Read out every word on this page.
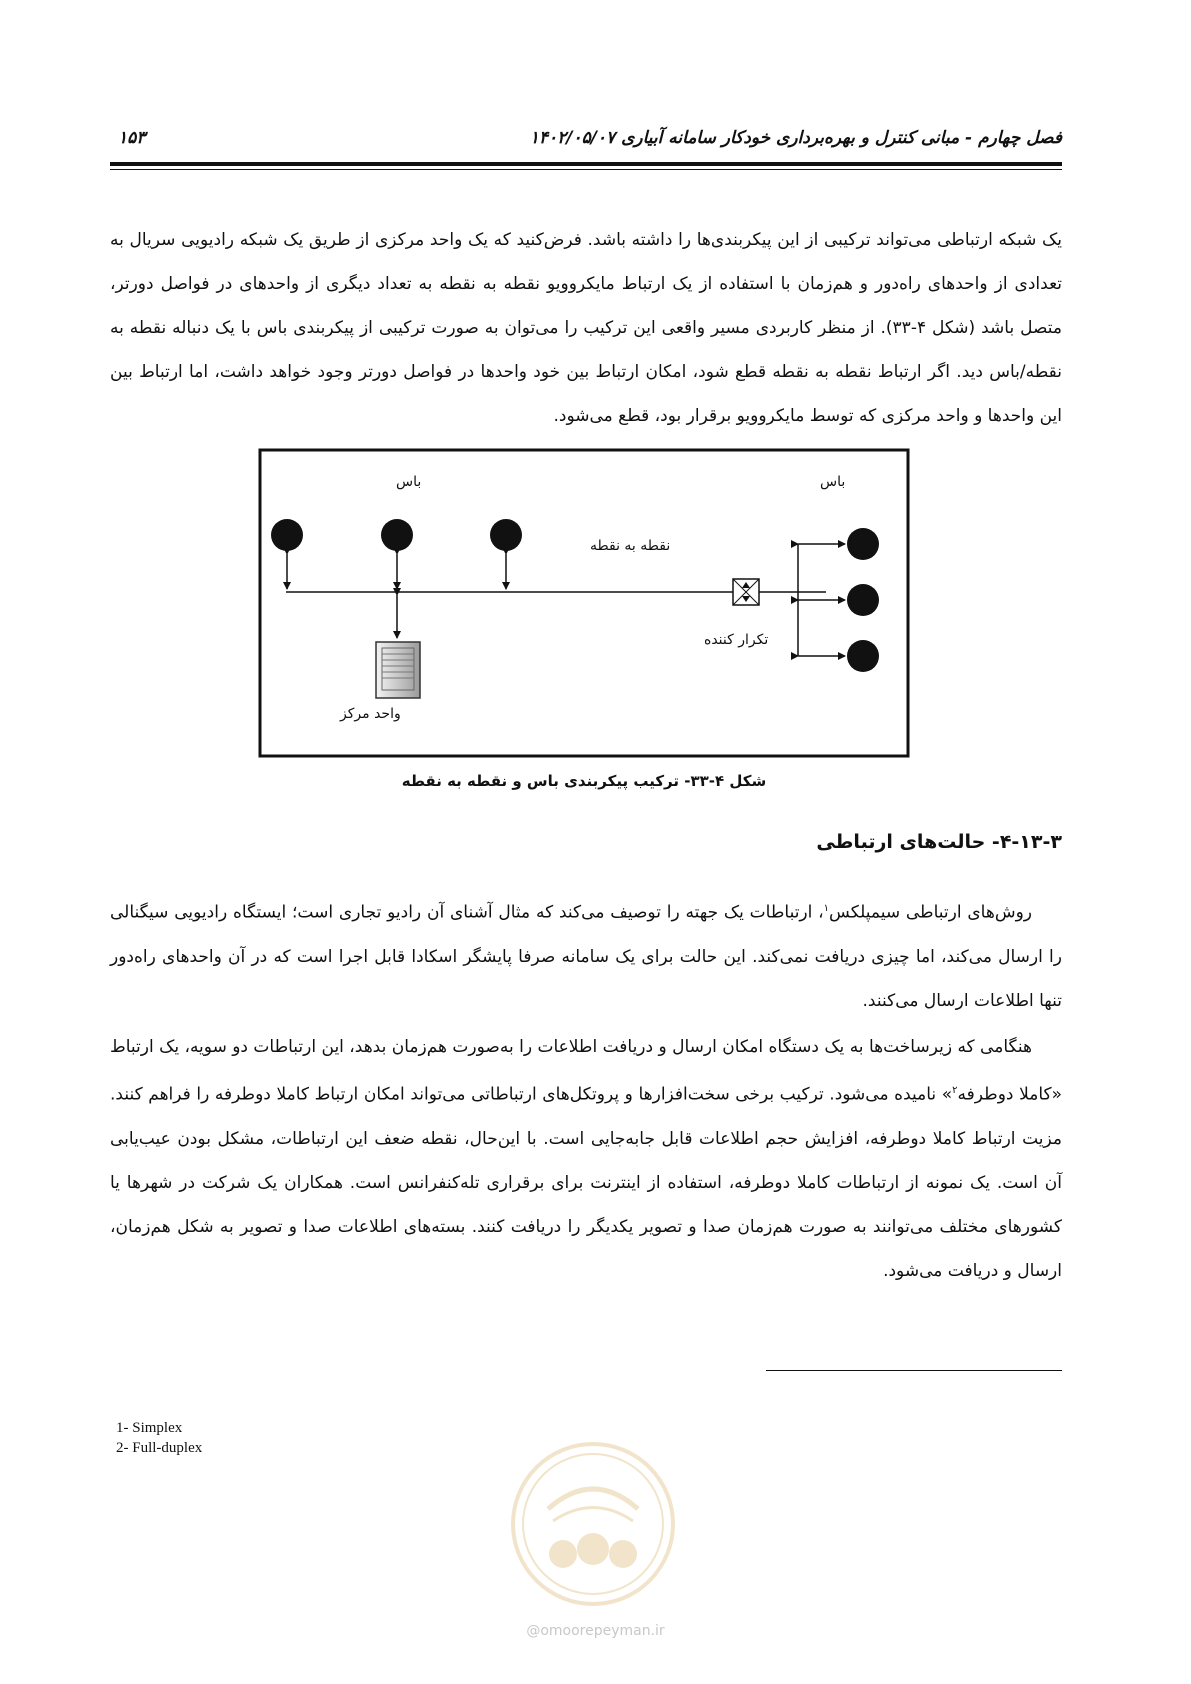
فصل چهارم - مبانی کنترل و بهره‌برداری خودکار سامانه آبیاری ۱۴۰۲/۰۵/۰۷
۱۵۳

یک شبکه ارتباطی می‌تواند ترکیبی از این پیکربندی‌ها را داشته باشد. فرض‌کنید که یک واحد مرکزی از طریق یک شبکه رادیویی سریال به تعدادی از واحدهای راه‌دور و هم‌زمان با استفاده از یک ارتباط مایکروویو نقطه به نقطه به تعداد دیگری از واحدهای در فواصل دورتر، متصل باشد (شکل ۴-۳۳). از منظر کاربردی مسیر واقعی این ترکیب را می‌توان به صورت ترکیبی از پیکربندی باس با یک دنباله نقطه به نقطه/باس دید. اگر ارتباط نقطه به نقطه قطع شود، امکان ارتباط بین خود واحدها در فواصل دورتر وجود خواهد داشت، اما ارتباط بین این واحدها و واحد مرکزی که توسط مایکروویو برقرار بود، قطع می‌شود.

باس	باس
نقطه به نقطه
تکرار کننده
واحد مرکز
شکل ۴-۳۳- ترکیب پیکربندی باس و نقطه به نقطه
۴-۱۳-۳- حالت‌های ارتباطی

روش‌های ارتباطی سیمپلکس$^۱$، ارتباطات یک جهته را توصیف می‌کند که مثال آشنای آن رادیو تجاری است؛ ایستگاه رادیویی سیگنالی را ارسال می‌کند، اما چیزی دریافت نمی‌کند. این حالت برای یک سامانه صرفا پایشگر اسکادا قابل اجرا است که در آن واحدهای راه‌دور تنها اطلاعات ارسال می‌کنند.

هنگامی که زیرساخت‌ها به یک دستگاه امکان ارسال و دریافت اطلاعات را به‌صورت هم‌زمان بدهد، این ارتباطات دو سویه، یک ارتباط «کاملا دوطرفه$^۲$» نامیده می‌شود. ترکیب برخی سخت‌افزارها و پروتکل‌های ارتباطاتی می‌تواند امکان ارتباط کاملا دوطرفه را فراهم کنند. مزیت ارتباط کاملا دوطرفه، افزایش حجم اطلاعات قابل جابه‌جایی است. با این‌حال، نقطه ضعف این ارتباطات، مشکل بودن عیب‌یابی آن است. یک نمونه از ارتباطات کاملا دوطرفه، استفاده از اینترنت برای برقراری تله‌کنفرانس است. همکاران یک شرکت در شهرها یا کشورهای مختلف می‌توانند به صورت هم‌زمان صدا و تصویر یکدیگر را دریافت کنند. بسته‌های اطلاعات صدا و تصویر به شکل هم‌زمان، ارسال و دریافت می‌شود.

1- Simplex
2- Full-duplex
@omoorepeyman.ir
